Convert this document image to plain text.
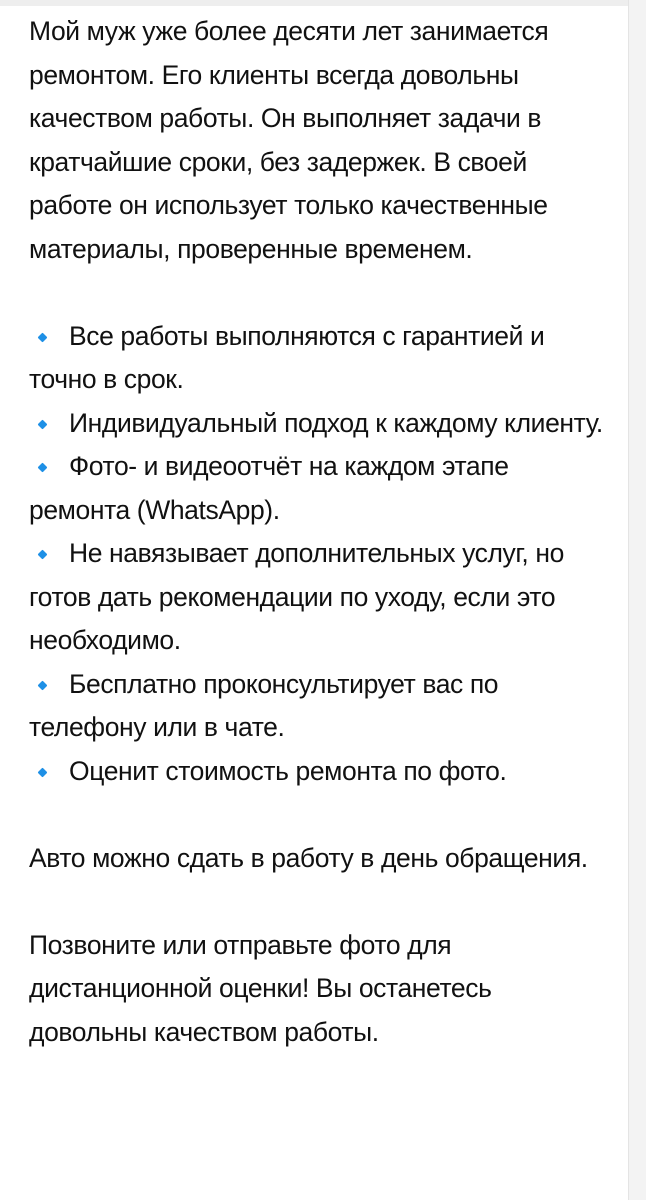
Мой муж уже более десяти лет занимается ремонтом. Его клиенты всегда довольны качеством работы. Он выполняет задачи в кратчайшие сроки, без задержек. В своей работе он использует только качественные материалы, проверенные временем.

Все работы выполняются с гарантией и точно в срок.
Индивидуальный подход к каждому клиенту.
Фото- и видеоотчёт на каждом этапе ремонта (WhatsApp).
Не навязывает дополнительных услуг, но готов дать рекомендации по уходу, если это необходимо.
Бесплатно проконсультирует вас по телефону или в чате.
Оценит стоимость ремонта по фото.

Авто можно сдать в работу в день обращения.

Позвоните или отправьте фото для дистанционной оценки! Вы останетесь довольны качеством работы.
